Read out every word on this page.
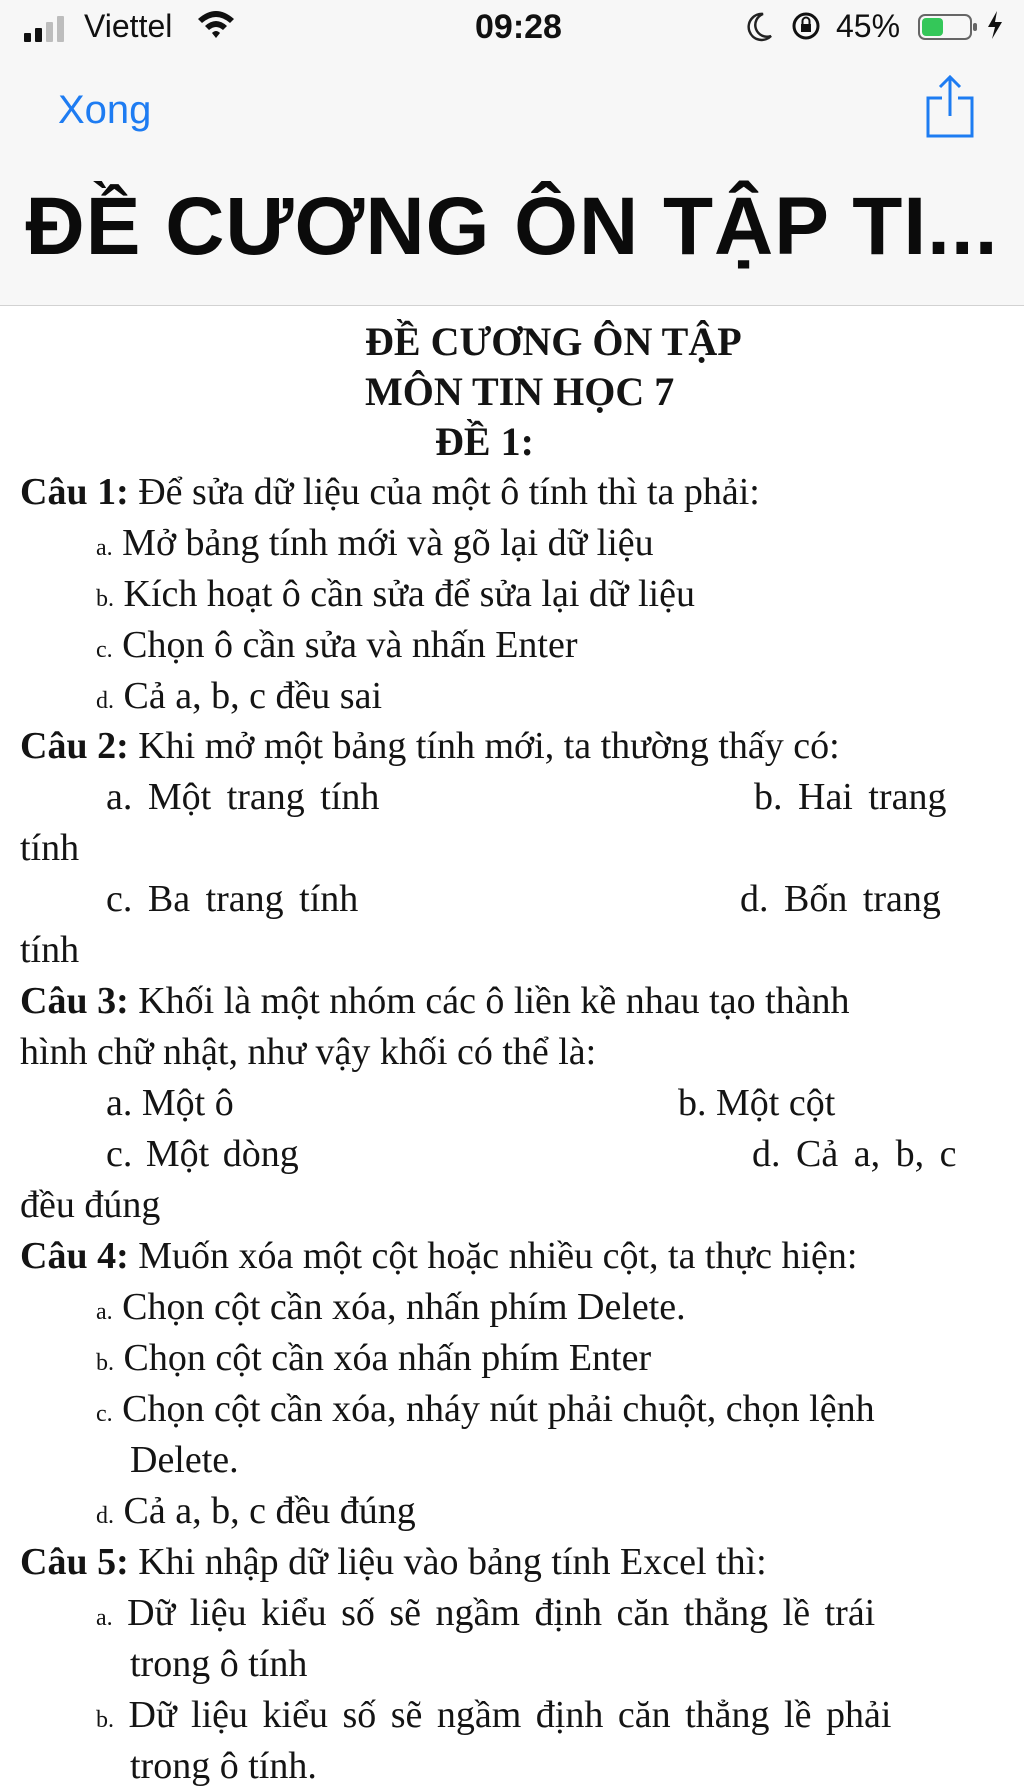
Viettel	09:28	45%
Xong
ĐỀ CƯƠNG ÔN TẬP TI...
ĐỀ CƯƠNG ÔN TẬP
MÔN TIN HỌC 7
ĐỀ 1:
Câu 1: Để sửa dữ liệu của một ô tính thì ta phải:
a. Mở bảng tính mới và gõ lại dữ liệu
b. Kích hoạt ô cần sửa để sửa lại dữ liệu
c. Chọn ô cần sửa và nhấn Enter
d. Cả a, b, c đều sai
Câu 2: Khi mở một bảng tính mới, ta thường thấy có:
a. Một trang tính	b. Hai trang
tính
c. Ba trang tính	d. Bốn trang
tính
Câu 3: Khối là một nhóm các ô liền kề nhau tạo thành
hình chữ nhật, như vậy khối có thể là:
a. Một ô	b. Một cột
c. Một dòng	d. Cả a, b, c
đều đúng
Câu 4: Muốn xóa một cột hoặc nhiều cột, ta thực hiện:
a. Chọn cột cần xóa, nhấn phím Delete.
b. Chọn cột cần xóa nhấn phím Enter
c. Chọn cột cần xóa, nháy nút phải chuột, chọn lệnh
Delete.
d. Cả a, b, c đều đúng
Câu 5: Khi nhập dữ liệu vào bảng tính Excel thì:
a. Dữ liệu kiểu số sẽ ngầm định căn thẳng lề trái
trong ô tính
b. Dữ liệu kiểu số sẽ ngầm định căn thẳng lề phải
trong ô tính.
